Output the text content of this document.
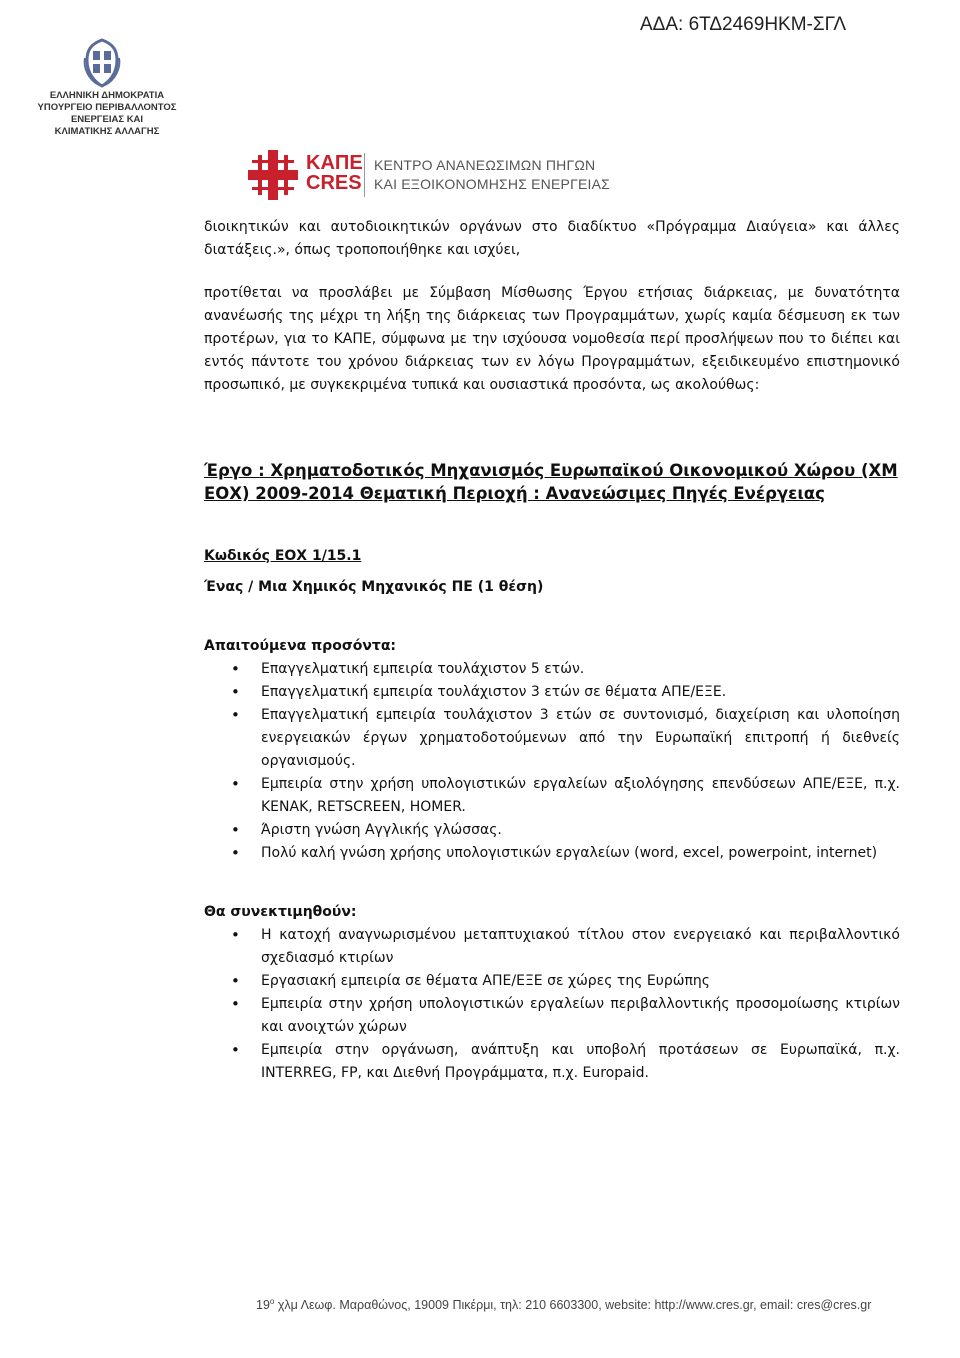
ΑΔΑ: 6ΤΔ2469ΗΚΜ-ΣΓΛ
ΕΛΛΗΝΙΚΗ ΔΗΜΟΚΡΑΤΙΑ
ΥΠΟΥΡΓΕΙΟ ΠΕΡΙΒΑΛΛΟΝΤΟΣ
ΕΝΕΡΓΕΙΑΣ ΚΑΙ
ΚΛΙΜΑΤΙΚΗΣ ΑΛΛΑΓΗΣ
ΚΑΠΕ
CRES
ΚΕΝΤΡΟ ΑΝΑΝΕΩΣΙΜΩΝ ΠΗΓΩΝ
ΚΑΙ ΕΞΟΙΚΟΝΟΜΗΣΗΣ ΕΝΕΡΓΕΙΑΣ

διοικητικών και αυτοδιοικητικών οργάνων στο διαδίκτυο «Πρόγραμμα Διαύγεια» και άλλες διατάξεις.», όπως τροποποιήθηκε και ισχύει,

προτίθεται να προσλάβει με Σύμβαση Μίσθωσης Έργου ετήσιας διάρκειας, με δυνατότητα ανανέωσής της μέχρι τη λήξη της διάρκειας των Προγραμμάτων, χωρίς καμία δέσμευση εκ των προτέρων, για το ΚΑΠΕ, σύμφωνα με την ισχύουσα νομοθεσία περί προσλήψεων που το διέπει και εντός πάντοτε του χρόνου διάρκειας των εν λόγω Προγραμμάτων, εξειδικευμένο επιστημονικό προσωπικό, με συγκεκριμένα τυπικά και ουσιαστικά προσόντα, ως ακολούθως:

Έργο : Χρηματοδοτικός Μηχανισμός Ευρωπαϊκού Οικονομικού Χώρου (ΧΜ ΕΟΧ) 2009-2014 Θεματική Περιοχή : Ανανεώσιμες Πηγές Ενέργειας
Κωδικός ΕΟΧ 1/15.1
Ένας / Μια Χημικός Μηχανικός ΠΕ (1 θέση)
Απαιτούμενα προσόντα:
• Επαγγελματική εμπειρία τουλάχιστον 5 ετών.
• Επαγγελματική εμπειρία τουλάχιστον 3 ετών σε θέματα ΑΠΕ/ΕΞΕ.
• Επαγγελματική εμπειρία τουλάχιστον 3 ετών σε συντονισμό, διαχείριση και υλοποίηση ενεργειακών έργων χρηματοδοτούμενων από την Ευρωπαϊκή επιτροπή ή διεθνείς οργανισμούς.
• Εμπειρία στην χρήση υπολογιστικών εργαλείων αξιολόγησης επενδύσεων ΑΠΕ/ΕΞΕ, π.χ. KENAK, RETSCREEN, HOMER.
• Άριστη γνώση Αγγλικής γλώσσας.
• Πολύ καλή γνώση χρήσης υπολογιστικών εργαλείων (word, excel, powerpoint, internet)
Θα συνεκτιμηθούν:
• Η κατοχή αναγνωρισμένου μεταπτυχιακού τίτλου στον ενεργειακό και περιβαλλοντικό σχεδιασμό κτιρίων
• Εργασιακή εμπειρία σε θέματα ΑΠΕ/ΕΞΕ σε χώρες της Ευρώπης
• Εμπειρία στην χρήση υπολογιστικών εργαλείων περιβαλλοντικής προσομοίωσης κτιρίων και ανοιχτών χώρων
• Εμπειρία στην οργάνωση, ανάπτυξη και υποβολή προτάσεων σε Ευρωπαϊκά, π.χ. INTERREG, FP, και Διεθνή Προγράμματα, π.χ. Europaid.
$19^o$ χλμ Λεωφ. Μαραθώνος, 19009 Πικέρμι, τηλ: 210 6603300, website: http://www.cres.gr, email: cres@cres.gr
